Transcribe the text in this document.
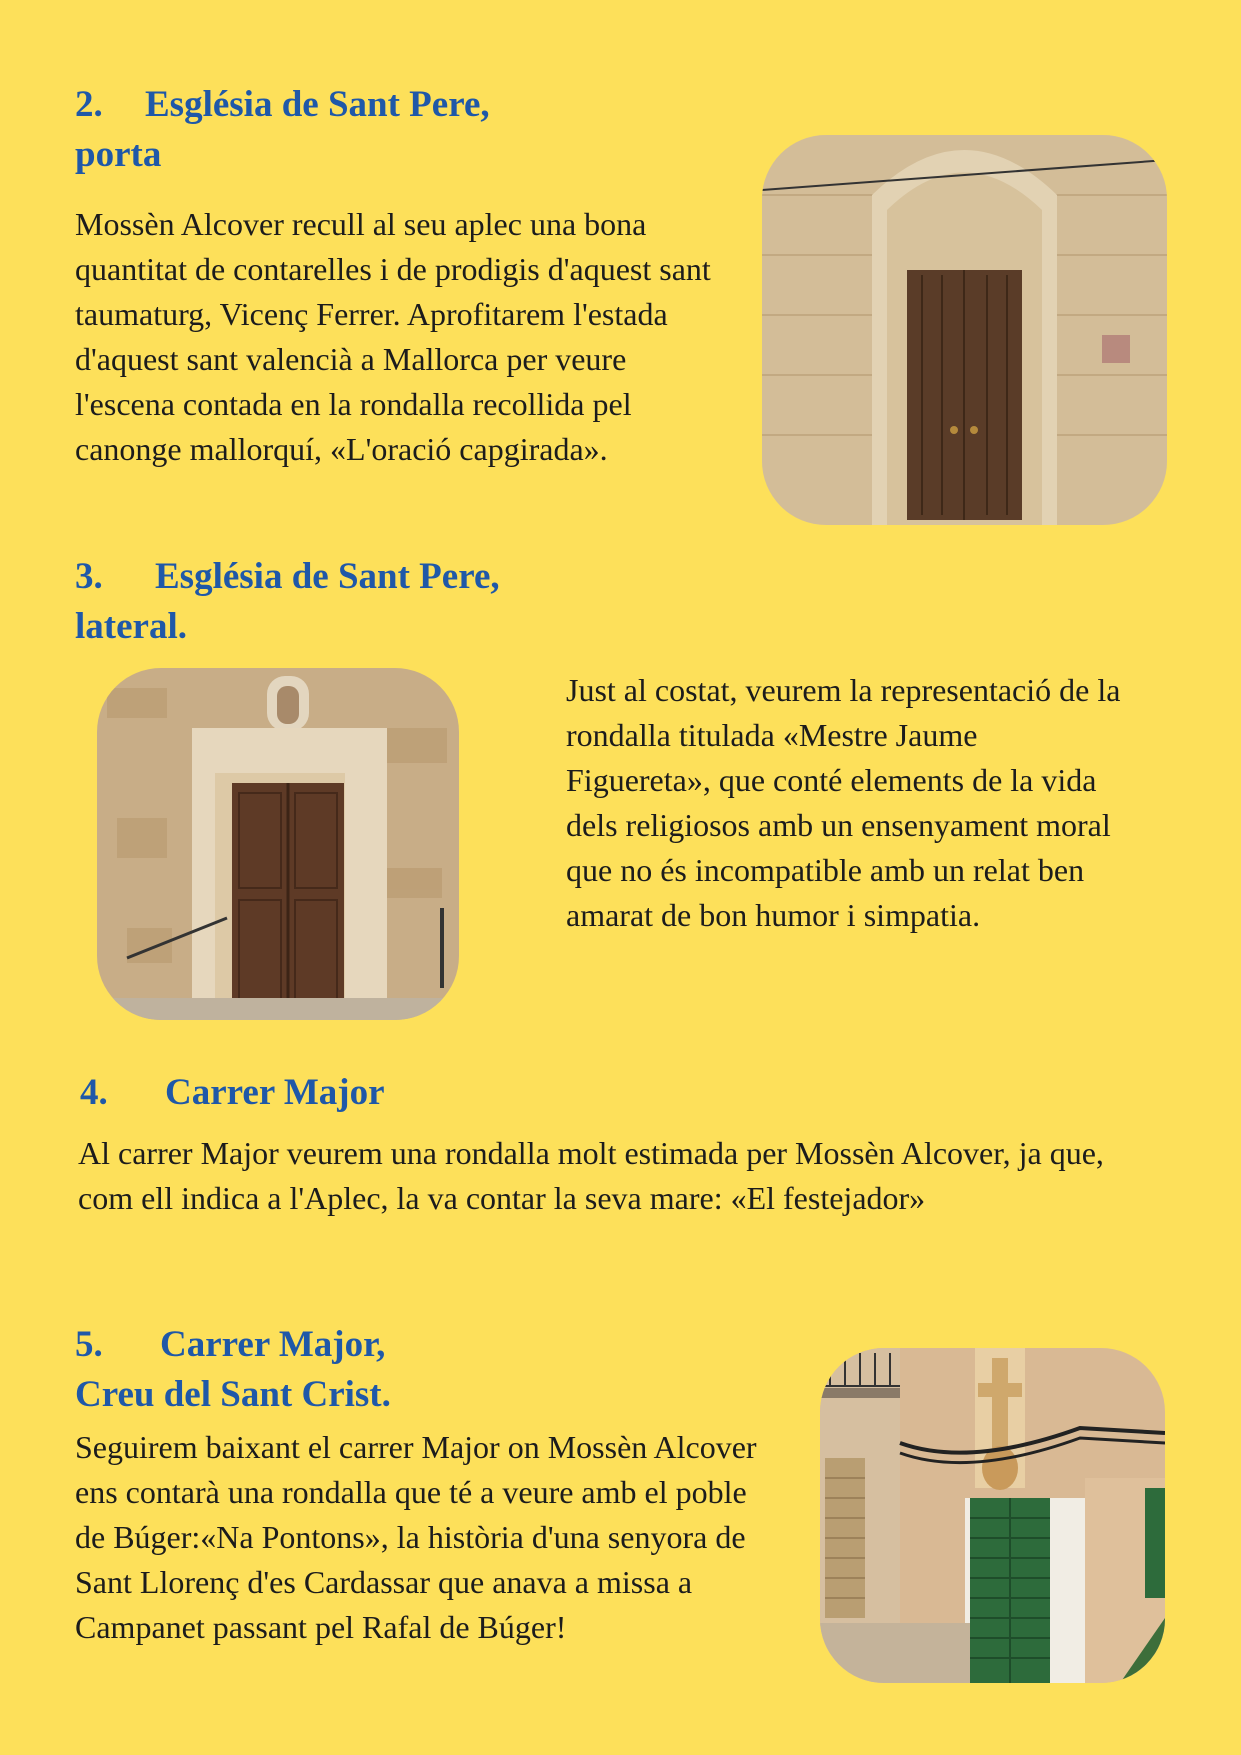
2. Església de Sant Pere,
porta

Mossèn Alcover recull al seu aplec una bona quantitat de contarelles i de prodigis d'aquest sant taumaturg, Vicenç Ferrer. Aprofitarem l'estada d'aquest sant valencià a Mallorca per veure l'escena contada en la rondalla recollida pel canonge mallorquí, «L'oració capgirada».

3. Església de Sant Pere,
lateral.

Just al costat, veurem la representació de la rondalla titulada «Mestre Jaume Figuereta», que conté elements de la vida dels religiosos amb un ensenyament moral que no és incompatible amb un relat ben amarat de bon humor i simpatia.

4. Carrer Major

Al carrer Major veurem una rondalla molt estimada per Mossèn Alcover, ja que, com ell indica a l'Aplec, la va contar la seva mare: «El festejador»

5. Carrer Major,
Creu del Sant Crist.

Seguirem baixant el carrer Major on Mossèn Alcover ens contarà una rondalla que té a veure amb el poble de Búger:«Na Pontons», la història d'una senyora de Sant Llorenç d'es Cardassar que anava a missa a Campanet passant pel Rafal de Búger!
